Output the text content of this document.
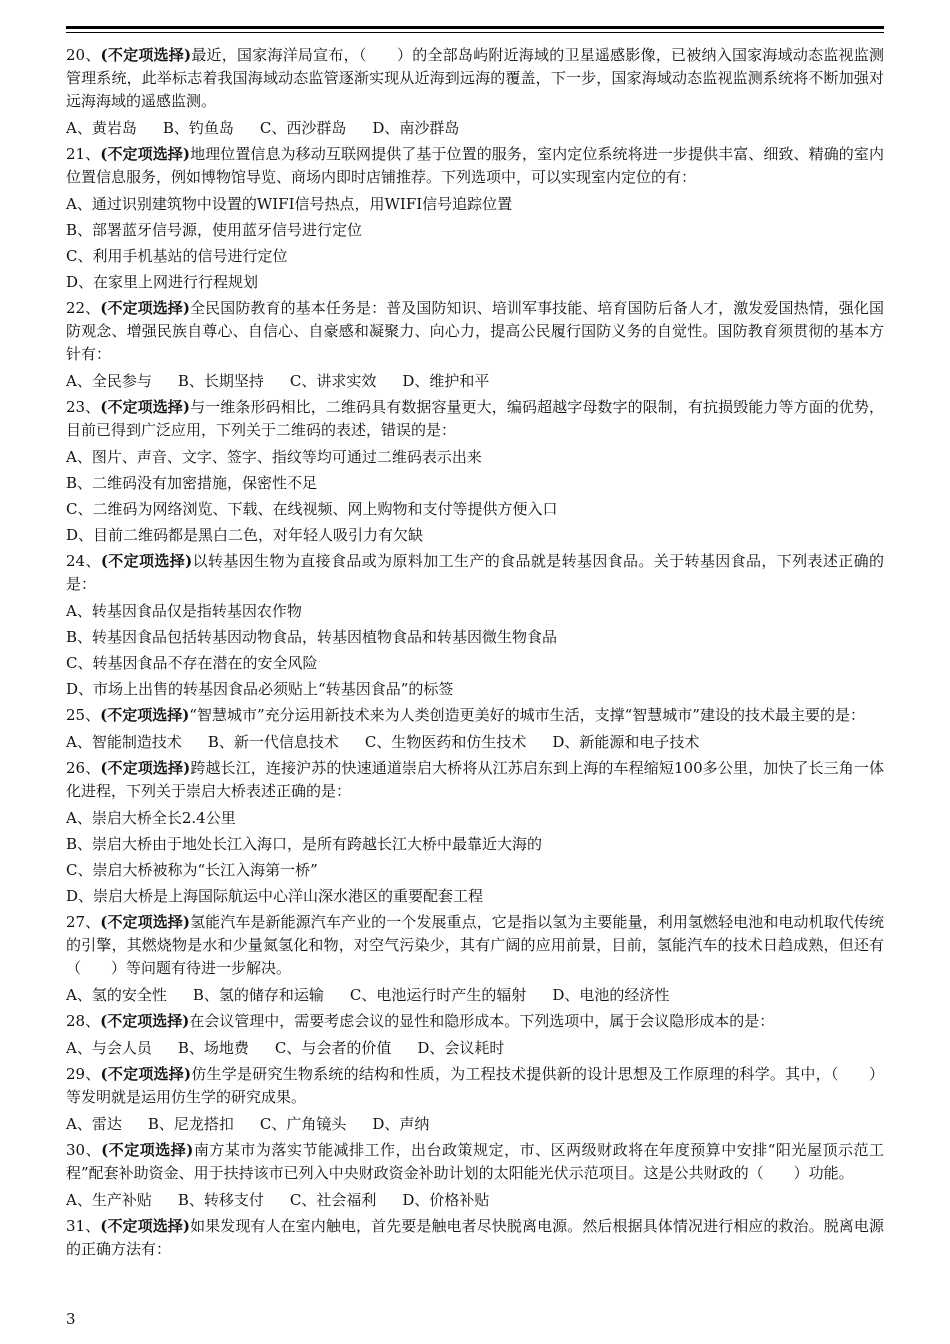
20、(不定项选择)最近，国家海洋局宣布，（　　）的全部岛屿附近海域的卫星遥感影像，已被纳入国家海域动态监视监测管理系统，此举标志着我国海域动态监管逐渐实现从近海到远海的覆盖，下一步，国家海域动态监视监测系统将不断加强对远海海域的遥感监测。

A、黄岩岛 B、钓鱼岛 C、西沙群岛 D、南沙群岛

21、(不定项选择)地理位置信息为移动互联网提供了基于位置的服务，室内定位系统将进一步提供丰富、细致、精确的室内位置信息服务，例如博物馆导览、商场内即时店铺推荐。下列选项中，可以实现室内定位的有：

A、通过识别建筑物中设置的WIFI信号热点，用WIFI信号追踪位置
B、部署蓝牙信号源，使用蓝牙信号进行定位
C、利用手机基站的信号进行定位
D、在家里上网进行行程规划

22、(不定项选择)全民国防教育的基本任务是：普及国防知识、培训军事技能、培育国防后备人才，激发爱国热情，强化国防观念、增强民族自尊心、自信心、自豪感和凝聚力、向心力，提高公民履行国防义务的自觉性。国防教育须贯彻的基本方针有：

A、全民参与 B、长期坚持 C、讲求实效 D、维护和平

23、(不定项选择)与一维条形码相比，二维码具有数据容量更大，编码超越字母数字的限制，有抗损毁能力等方面的优势，目前已得到广泛应用，下列关于二维码的表述，错误的是：

A、图片、声音、文字、签字、指纹等均可通过二维码表示出来
B、二维码没有加密措施，保密性不足
C、二维码为网络浏览、下载、在线视频、网上购物和支付等提供方便入口
D、目前二维码都是黑白二色，对年轻人吸引力有欠缺

24、(不定项选择)以转基因生物为直接食品或为原料加工生产的食品就是转基因食品。关于转基因食品，下列表述正确的是：

A、转基因食品仅是指转基因农作物
B、转基因食品包括转基因动物食品，转基因植物食品和转基因微生物食品
C、转基因食品不存在潜在的安全风险
D、市场上出售的转基因食品必须贴上“转基因食品”的标签

25、(不定项选择)“智慧城市”充分运用新技术来为人类创造更美好的城市生活，支撑“智慧城市”建设的技术最主要的是：

A、智能制造技术 B、新一代信息技术 C、生物医药和仿生技术 D、新能源和电子技术

26、(不定项选择)跨越长江，连接沪苏的快速通道崇启大桥将从江苏启东到上海的车程缩短100多公里，加快了长三角一体化进程，下列关于崇启大桥表述正确的是：

A、崇启大桥全长2.4公里
B、崇启大桥由于地处长江入海口，是所有跨越长江大桥中最靠近大海的
C、崇启大桥被称为“长江入海第一桥”
D、崇启大桥是上海国际航运中心洋山深水港区的重要配套工程

27、(不定项选择)氢能汽车是新能源汽车产业的一个发展重点，它是指以氢为主要能量，利用氢燃轻电池和电动机取代传统的引擎，其燃烧物是水和少量氮氢化和物，对空气污染少，其有广阔的应用前景，目前，氢能汽车的技术日趋成熟，但还有（　　）等问题有待进一步解决。

A、氢的安全性 B、氢的储存和运输 C、电池运行时产生的辐射 D、电池的经济性

28、(不定项选择)在会议管理中，需要考虑会议的显性和隐形成本。下列选项中，属于会议隐形成本的是：

A、与会人员 B、场地费 C、与会者的价值 D、会议耗时

29、(不定项选择)仿生学是研究生物系统的结构和性质，为工程技术提供新的设计思想及工作原理的科学。其中，（　　）等发明就是运用仿生学的研究成果。

A、雷达 B、尼龙搭扣 C、广角镜头 D、声纳

30、(不定项选择)南方某市为落实节能减排工作，出台政策规定，市、区两级财政将在年度预算中安排“阳光屋顶示范工程”配套补助资金、用于扶持该市已列入中央财政资金补助计划的太阳能光伏示范项目。这是公共财政的（　　）功能。

A、生产补贴 B、转移支付 C、社会福利 D、价格补贴

31、(不定项选择)如果发现有人在室内触电，首先要是触电者尽快脱离电源。然后根据具体情况进行相应的救治。脱离电源的正确方法有：

3
